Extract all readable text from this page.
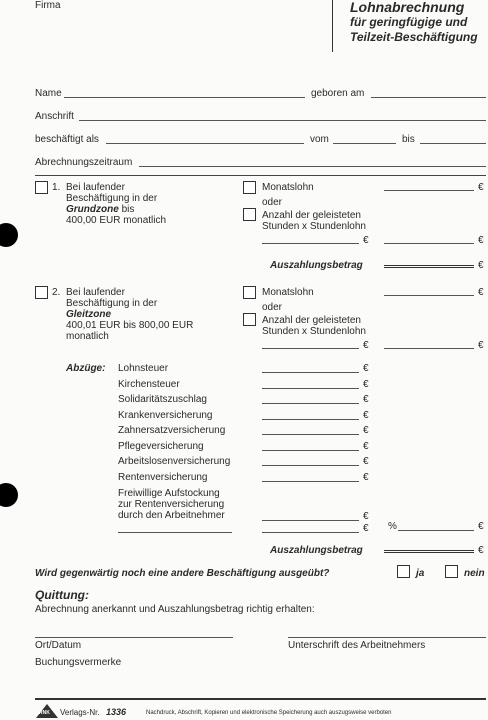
Firma	Lohnabrechnung
für geringfügige und
Teilzeit-Beschäftigung
Name	geboren am
Anschrift
beschäftigt als	vom	bis
Abrechnungszeitraum
1. Bei laufender
Beschäftigung in der
Grundzone bis
400,00 EUR monatlich
Monatslohn	€
oder
Anzahl der geleisteten
Stunden x Stundenlohn
€	€
Auszahlungsbetrag	€
2. Bei laufender
Beschäftigung in der
Gleitzone
400,01 EUR bis 800,00 EUR
monatlich
Monatslohn	€
oder
Anzahl der geleisteten
Stunden x Stundenlohn
€	€
Abzüge: Lohnsteuer	€
Kirchensteuer	€
Solidaritätszuschlag	€
Krankenversicherung	€
Zahnersatzversicherung	€
Pflegeversicherung	€
Arbeitslosenversicherung	€
Rentenversicherung	€
Freiwillige Aufstockung
zur Rentenversicherung
durch den Arbeitnehmer	€
€ %	€
Auszahlungsbetrag	€
Wird gegenwärtig noch eine andere Beschäftigung ausgeübt?	ja	nein
Quittung:
Abrechnung anerkannt und Auszahlungsbetrag richtig erhalten:
Ort/Datum	Unterschrift des Arbeitnehmers
Buchungsvermerke
RNK Verlags-Nr. 1336	Nachdruck, Abschrift, Kopieren und elektronische Speicherung auch auszugsweise verboten
